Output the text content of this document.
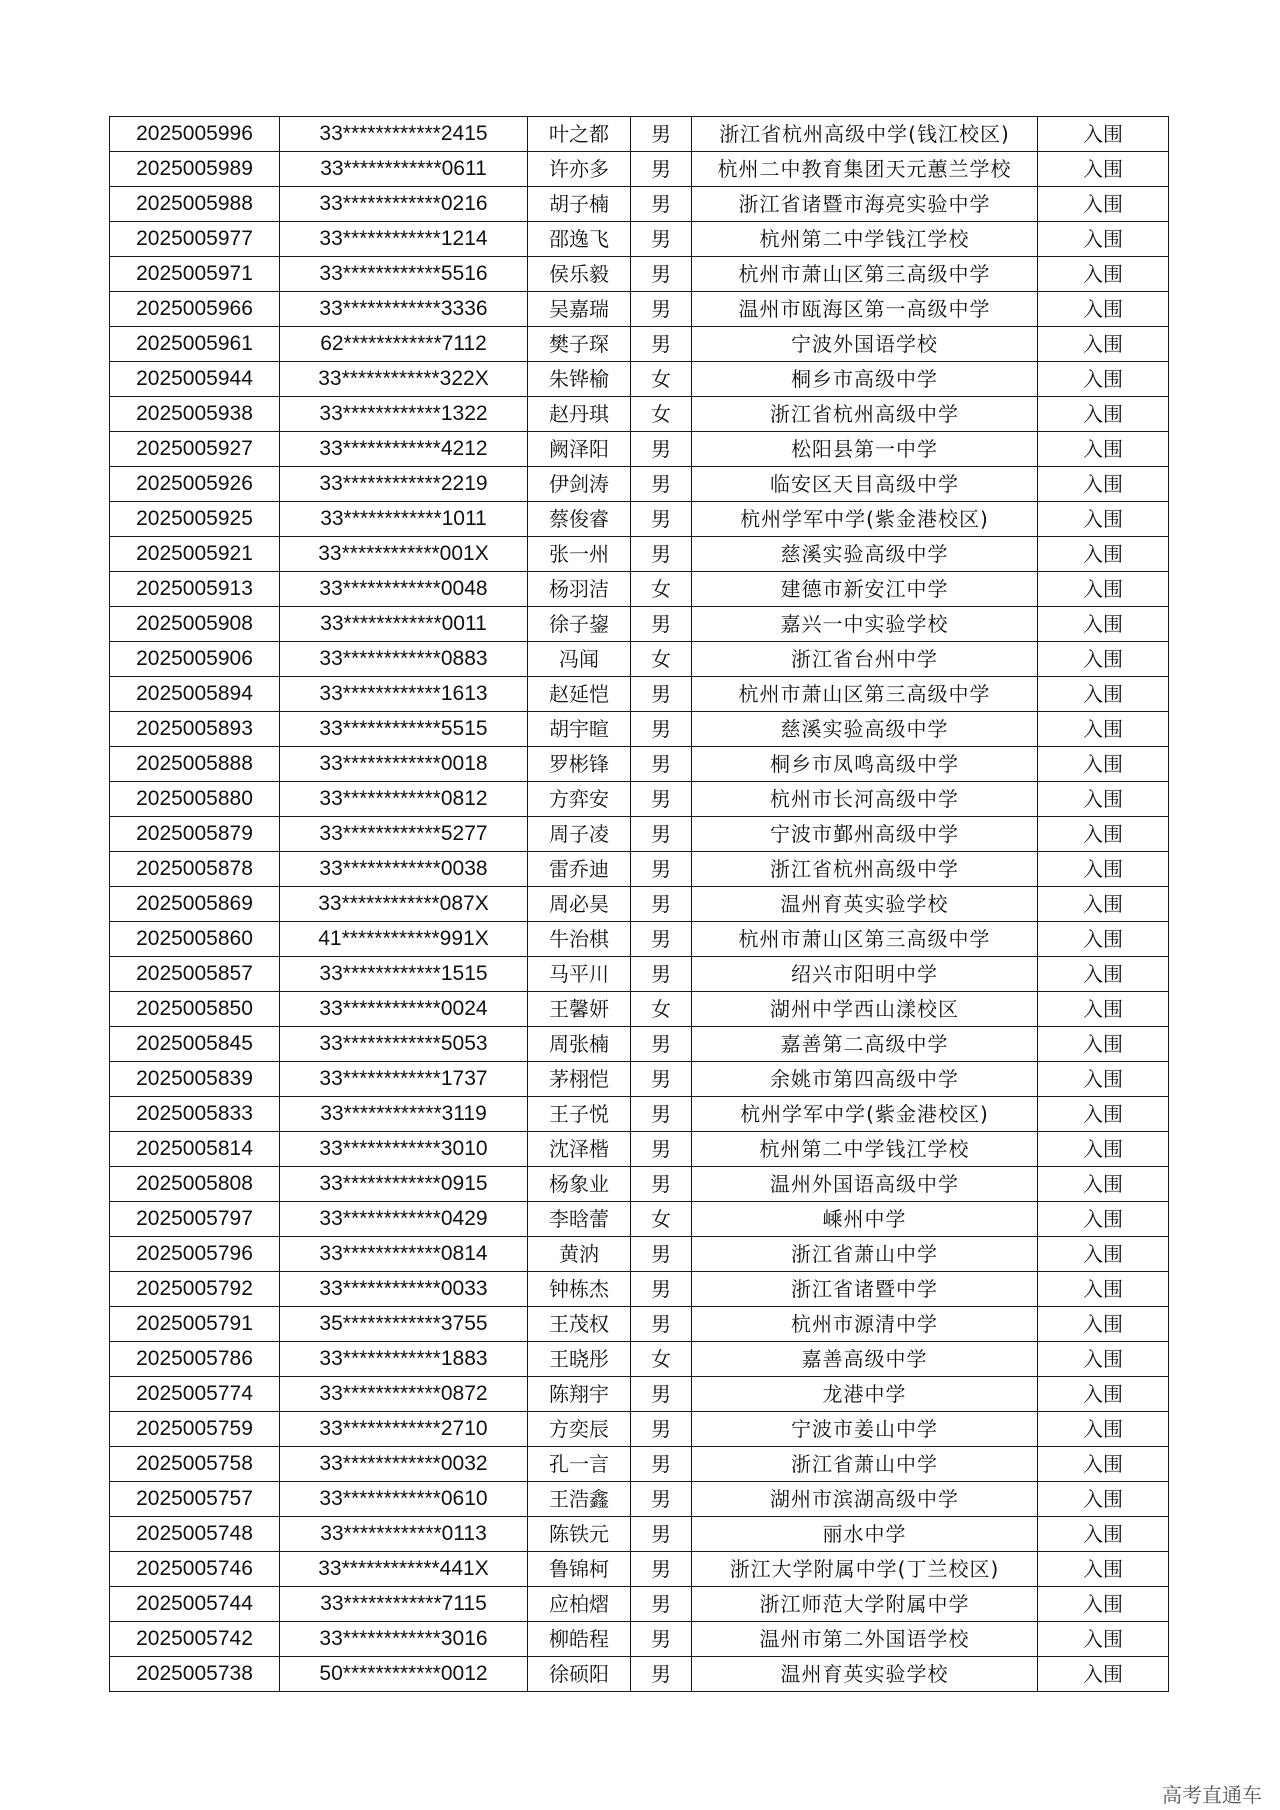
2025005996	33************2415	叶之都	男	浙江省杭州高级中学(钱江校区)	入围
2025005989	33************0611	许亦多	男	杭州二中教育集团天元蕙兰学校	入围
2025005988	33************0216	胡子楠	男	浙江省诸暨市海亮实验中学	入围
2025005977	33************1214	邵逸飞	男	杭州第二中学钱江学校	入围
2025005971	33************5516	侯乐毅	男	杭州市萧山区第三高级中学	入围
2025005966	33************3336	吴嘉瑞	男	温州市瓯海区第一高级中学	入围
2025005961	62************7112	樊子琛	男	宁波外国语学校	入围
2025005944	33************322X	朱铧榆	女	桐乡市高级中学	入围
2025005938	33************1322	赵丹琪	女	浙江省杭州高级中学	入围
2025005927	33************4212	阙泽阳	男	松阳县第一中学	入围
2025005926	33************2219	伊剑涛	男	临安区天目高级中学	入围
2025005925	33************1011	蔡俊睿	男	杭州学军中学(紫金港校区)	入围
2025005921	33************001X	张一州	男	慈溪实验高级中学	入围
2025005913	33************0048	杨羽洁	女	建德市新安江中学	入围
2025005908	33************0011	徐子鋆	男	嘉兴一中实验学校	入围
2025005906	33************0883	冯闻	女	浙江省台州中学	入围
2025005894	33************1613	赵延恺	男	杭州市萧山区第三高级中学	入围
2025005893	33************5515	胡宇暄	男	慈溪实验高级中学	入围
2025005888	33************0018	罗彬锋	男	桐乡市凤鸣高级中学	入围
2025005880	33************0812	方弈安	男	杭州市长河高级中学	入围
2025005879	33************5277	周子凌	男	宁波市鄞州高级中学	入围
2025005878	33************0038	雷乔迪	男	浙江省杭州高级中学	入围
2025005869	33************087X	周必昊	男	温州育英实验学校	入围
2025005860	41************991X	牛治棋	男	杭州市萧山区第三高级中学	入围
2025005857	33************1515	马平川	男	绍兴市阳明中学	入围
2025005850	33************0024	王馨妍	女	湖州中学西山漾校区	入围
2025005845	33************5053	周张楠	男	嘉善第二高级中学	入围
2025005839	33************1737	茅栩恺	男	余姚市第四高级中学	入围
2025005833	33************3119	王子悦	男	杭州学军中学(紫金港校区)	入围
2025005814	33************3010	沈泽楷	男	杭州第二中学钱江学校	入围
2025005808	33************0915	杨象业	男	温州外国语高级中学	入围
2025005797	33************0429	李晗蕾	女	嵊州中学	入围
2025005796	33************0814	黄汭	男	浙江省萧山中学	入围
2025005792	33************0033	钟栋杰	男	浙江省诸暨中学	入围
2025005791	35************3755	王茂权	男	杭州市源清中学	入围
2025005786	33************1883	王晓彤	女	嘉善高级中学	入围
2025005774	33************0872	陈翔宇	男	龙港中学	入围
2025005759	33************2710	方奕辰	男	宁波市姜山中学	入围
2025005758	33************0032	孔一言	男	浙江省萧山中学	入围
2025005757	33************0610	王浩鑫	男	湖州市滨湖高级中学	入围
2025005748	33************0113	陈铁元	男	丽水中学	入围
2025005746	33************441X	鲁锦柯	男	浙江大学附属中学(丁兰校区)	入围
2025005744	33************7115	应柏熠	男	浙江师范大学附属中学	入围
2025005742	33************3016	柳皓程	男	温州市第二外国语学校	入围
2025005738	50************0012	徐硕阳	男	温州育英实验学校	入围
高考直通车
